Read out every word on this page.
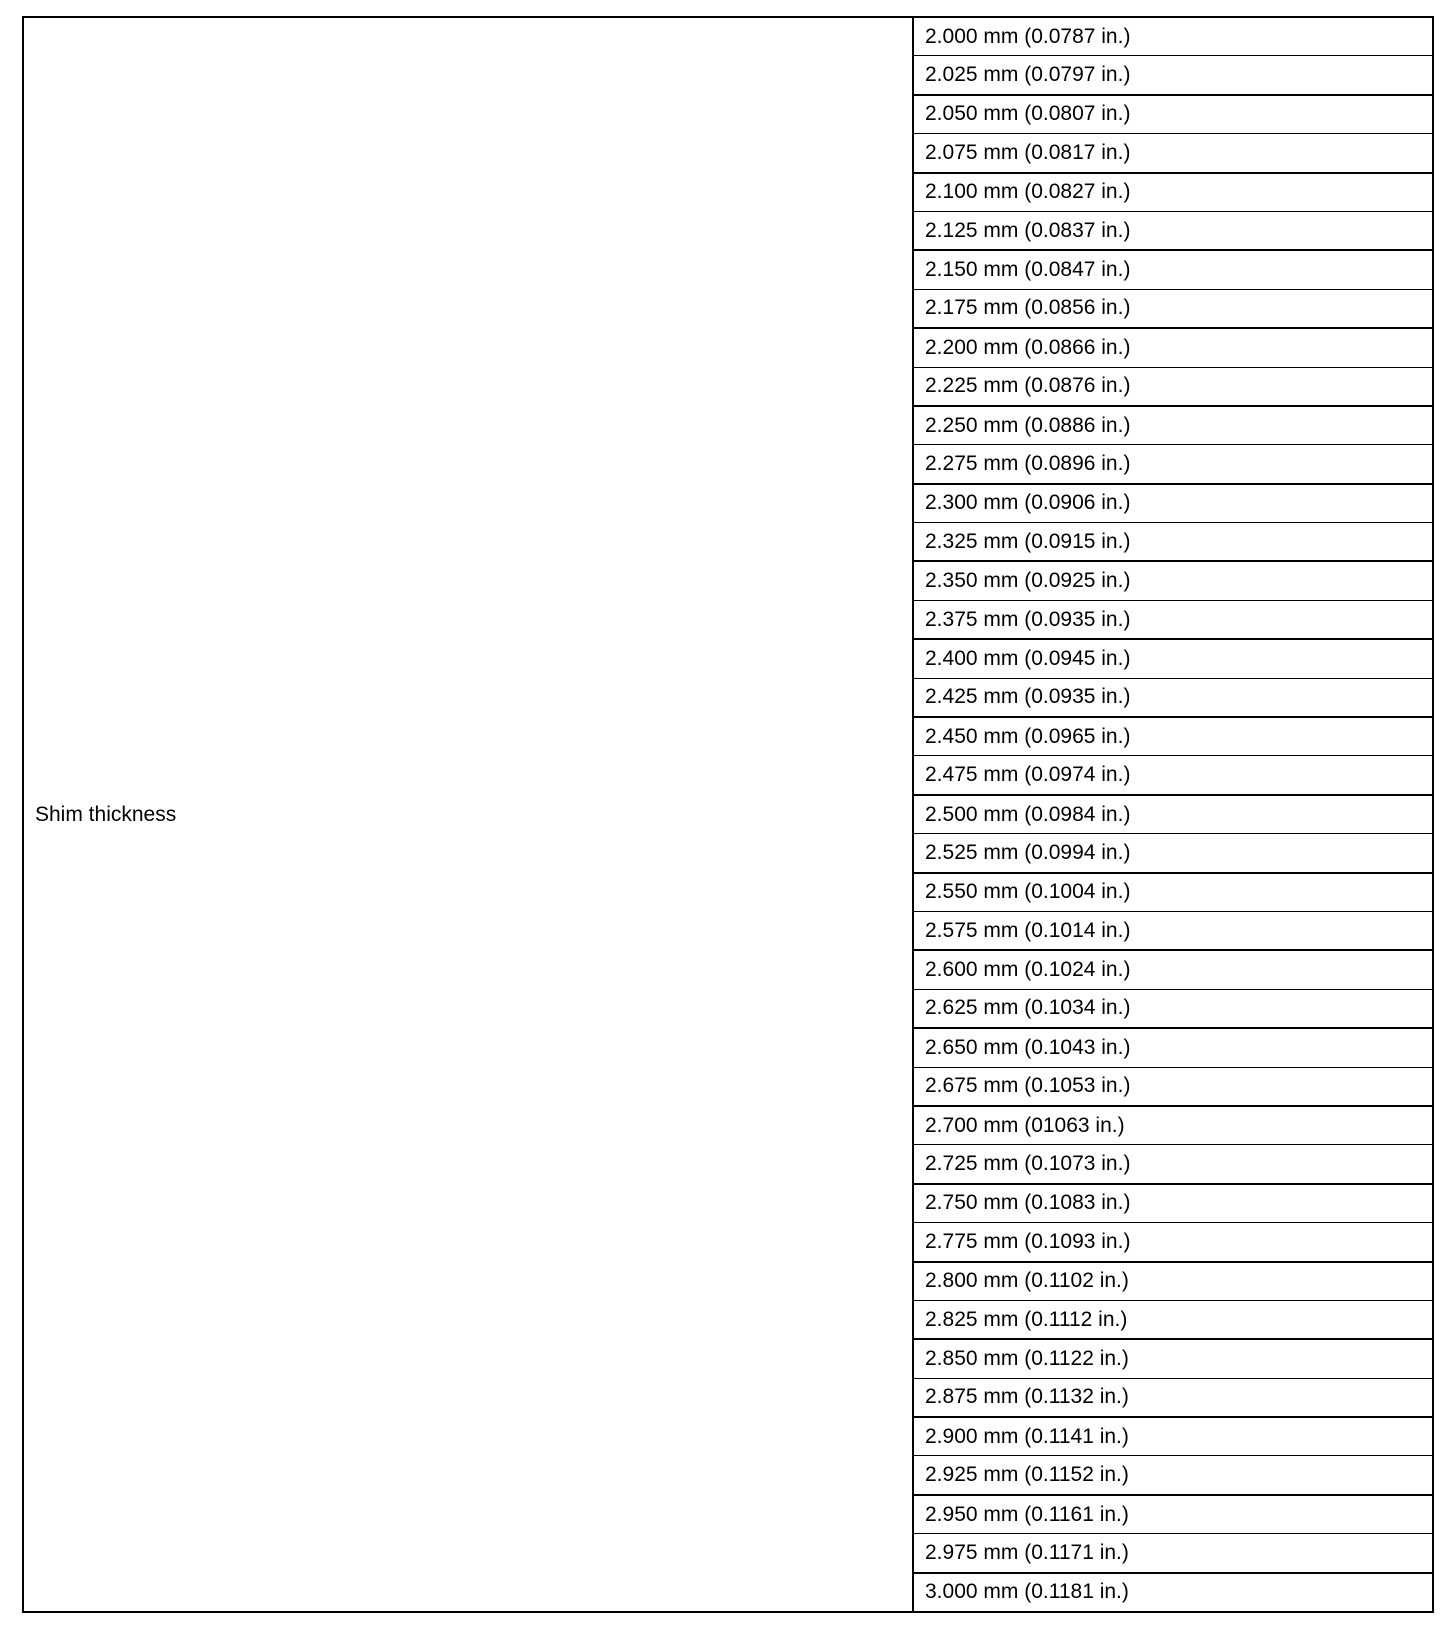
Shim thickness
2.000 mm (0.0787 in.)
2.025 mm (0.0797 in.)
2.050 mm (0.0807 in.)
2.075 mm (0.0817 in.)
2.100 mm (0.0827 in.)
2.125 mm (0.0837 in.)
2.150 mm (0.0847 in.)
2.175 mm (0.0856 in.)
2.200 mm (0.0866 in.)
2.225 mm (0.0876 in.)
2.250 mm (0.0886 in.)
2.275 mm (0.0896 in.)
2.300 mm (0.0906 in.)
2.325 mm (0.0915 in.)
2.350 mm (0.0925 in.)
2.375 mm (0.0935 in.)
2.400 mm (0.0945 in.)
2.425 mm (0.0935 in.)
2.450 mm (0.0965 in.)
2.475 mm (0.0974 in.)
2.500 mm (0.0984 in.)
2.525 mm (0.0994 in.)
2.550 mm (0.1004 in.)
2.575 mm (0.1014 in.)
2.600 mm (0.1024 in.)
2.625 mm (0.1034 in.)
2.650 mm (0.1043 in.)
2.675 mm (0.1053 in.)
2.700 mm (01063 in.)
2.725 mm (0.1073 in.)
2.750 mm (0.1083 in.)
2.775 mm (0.1093 in.)
2.800 mm (0.1102 in.)
2.825 mm (0.1112 in.)
2.850 mm (0.1122 in.)
2.875 mm (0.1132 in.)
2.900 mm (0.1141 in.)
2.925 mm (0.1152 in.)
2.950 mm (0.1161 in.)
2.975 mm (0.1171 in.)
3.000 mm (0.1181 in.)
